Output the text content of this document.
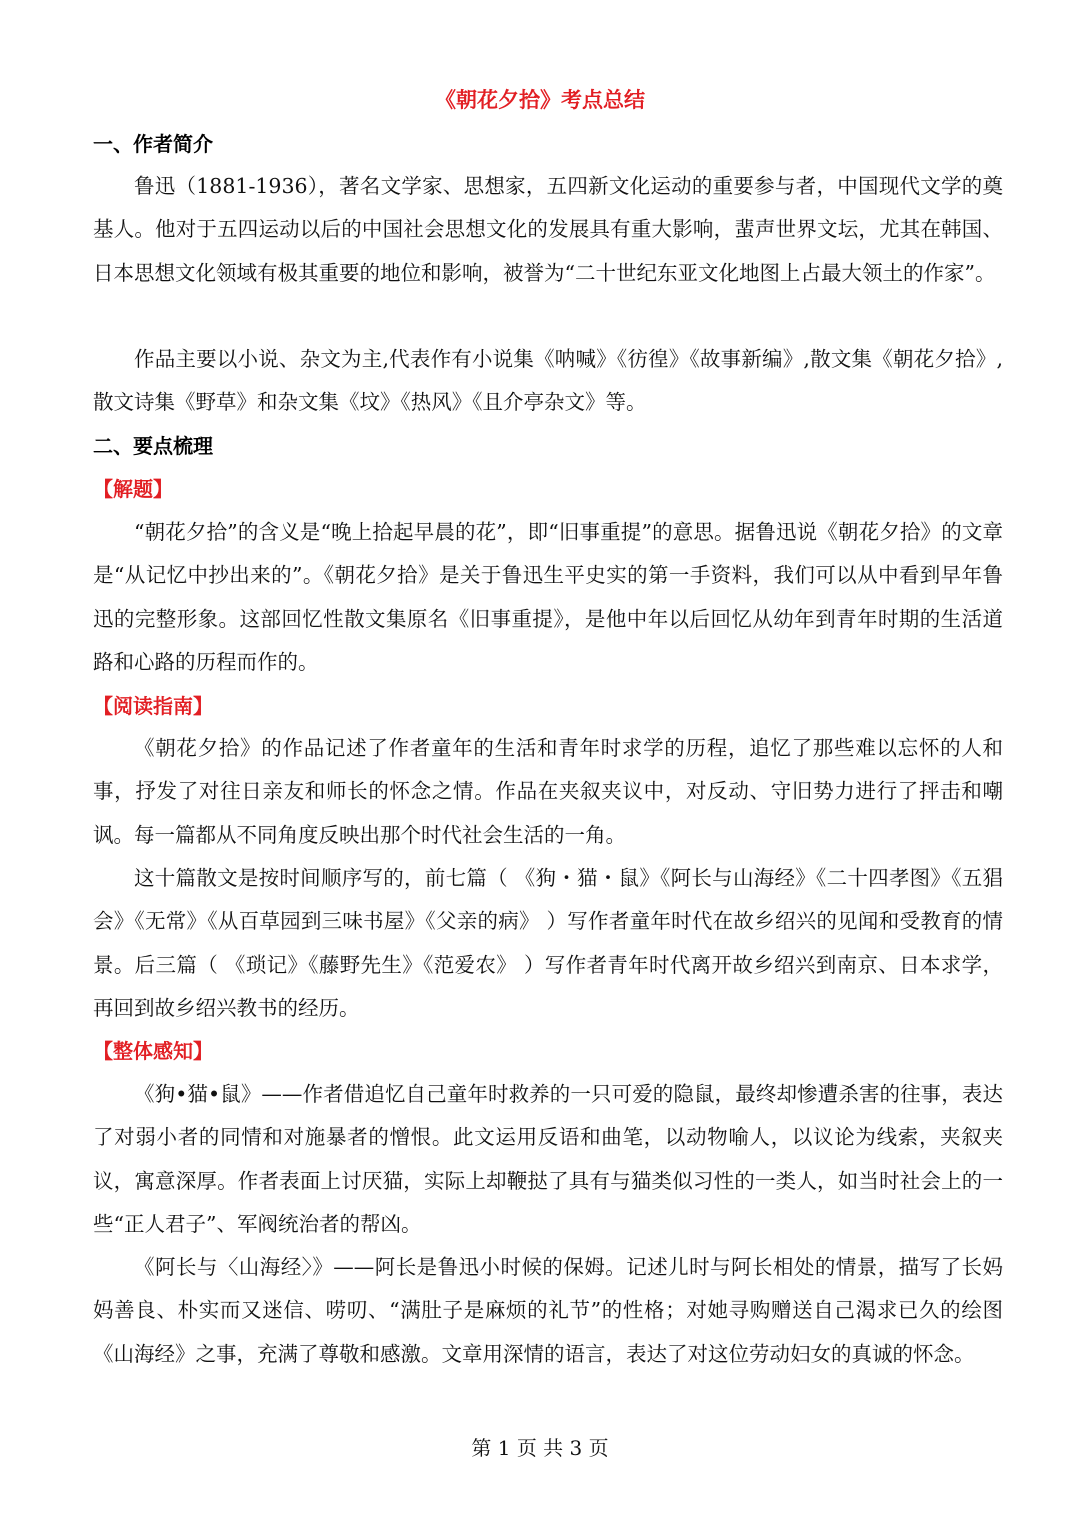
《朝花夕拾》考点总结
一、作者简介

鲁迅（1881-1936），著名文学家、思想家，五四新文化运动的重要参与者，中国现代文学的奠基人。他对于五四运动以后的中国社会思想文化的发展具有重大影响，蜚声世界文坛，尤其在韩国、日本思想文化领域有极其重要的地位和影响，被誉为“二十世纪东亚文化地图上占最大领土的作家”。

作品主要以小说、杂文为主,代表作有小说集《呐喊》《彷徨》《故事新编》,散文集《朝花夕拾》,散文诗集《野草》和杂文集《坟》《热风》《且介亭杂文》等。

二、要点梳理
【解题】

“朝花夕拾”的含义是“晚上拾起早晨的花”，即“旧事重提”的意思。据鲁迅说《朝花夕拾》的文章是“从记忆中抄出来的”。《朝花夕拾》是关于鲁迅生平史实的第一手资料，我们可以从中看到早年鲁迅的完整形象。这部回忆性散文集原名《旧事重提》，是他中年以后回忆从幼年到青年时期的生活道路和心路的历程而作的。

【阅读指南】

《朝花夕拾》的作品记述了作者童年的生活和青年时求学的历程，追忆了那些难以忘怀的人和事，抒发了对往日亲友和师长的怀念之情。作品在夹叙夹议中，对反动、守旧势力进行了抨击和嘲讽。每一篇都从不同角度反映出那个时代社会生活的一角。

这十篇散文是按时间顺序写的，前七篇（ 《狗・猫・鼠》《阿长与山海经》《二十四孝图》《五猖会》《无常》《从百草园到三味书屋》《父亲的病》 ）写作者童年时代在故乡绍兴的见闻和受教育的情景。后三篇（ 《琐记》《藤野先生》《范爱农》 ）写作者青年时代离开故乡绍兴到南京、日本求学，再回到故乡绍兴教书的经历。

【整体感知】

《狗•猫•鼠》——作者借追忆自己童年时救养的一只可爱的隐鼠，最终却惨遭杀害的往事，表达了对弱小者的同情和对施暴者的憎恨。此文运用反语和曲笔，以动物喻人，以议论为线索，夹叙夹议，寓意深厚。作者表面上讨厌猫，实际上却鞭挞了具有与猫类似习性的一类人，如当时社会上的一些“正人君子”、军阀统治者的帮凶。

《阿长与〈山海经〉》——阿长是鲁迅小时候的保姆。记述儿时与阿长相处的情景，描写了长妈妈善良、朴实而又迷信、唠叨、“满肚子是麻烦的礼节”的性格；对她寻购赠送自己渴求已久的绘图《山海经》之事，充满了尊敬和感激。文章用深情的语言，表达了对这位劳动妇女的真诚的怀念。

第 1 页 共 3 页
